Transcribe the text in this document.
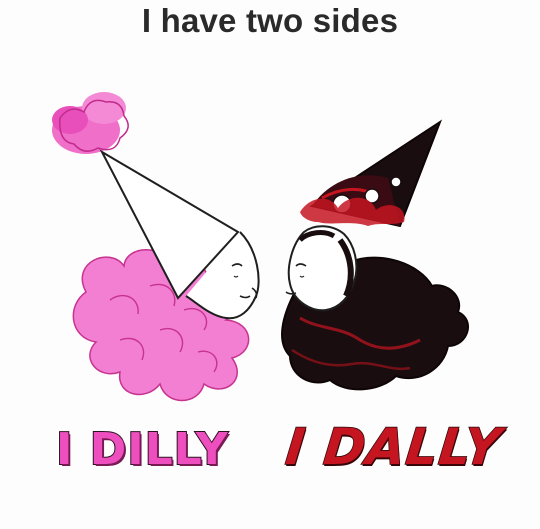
I have two sides
I DILLY I DALLY
